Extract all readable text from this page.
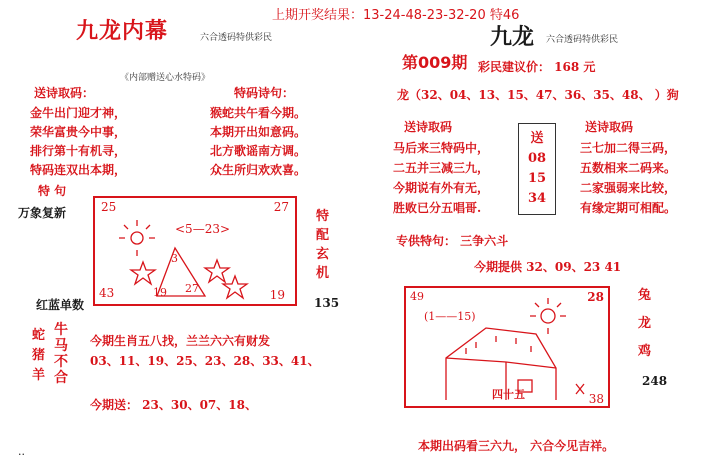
上期开奖结果：13-24-48-23-32-20 特46
九龙内幕	六合透码特供彩民
《内部赠送心水特码》
送诗取码：
金牛出门迎才神，
荣华富贵今中事，
排行第十有机寻，
特码连双出本期，
特码诗句：
猴蛇共午看今期。
本期开出如意码。
北方歌谣南方调。
众生所归欢欢喜。
特 句
万象复新	25	27
43	19
<5—23>
3
19 27
特
配
玄
机
红蓝单数	135
蛇
猪
羊
牛
马
不
合
今期生肖五八找，兰兰六六有财发
03、11、19、25、23、28、33、41、
今期送： 23、30、07、18、
··
九龙 六合透码特供彩民
第009期 彩民建议价： 168 元
龙（32、04、13、15、47、36、35、48、 ）狗
送诗取码
马后来三特码中，
二五并三减三九，
今期说有外有无，
胜败已分五唱哥.
送
08
15
34
送诗取码
三七加二得三码，
五数相来二码来。
二家强弱来比较，
有缘定期可相配。
专供特句： 三争六斗
今期提供 32、09、23 41
49	28
38
(1——15)
四十五
兔
龙
鸡
248
本期出码看三六九， 六合今见吉祥。
